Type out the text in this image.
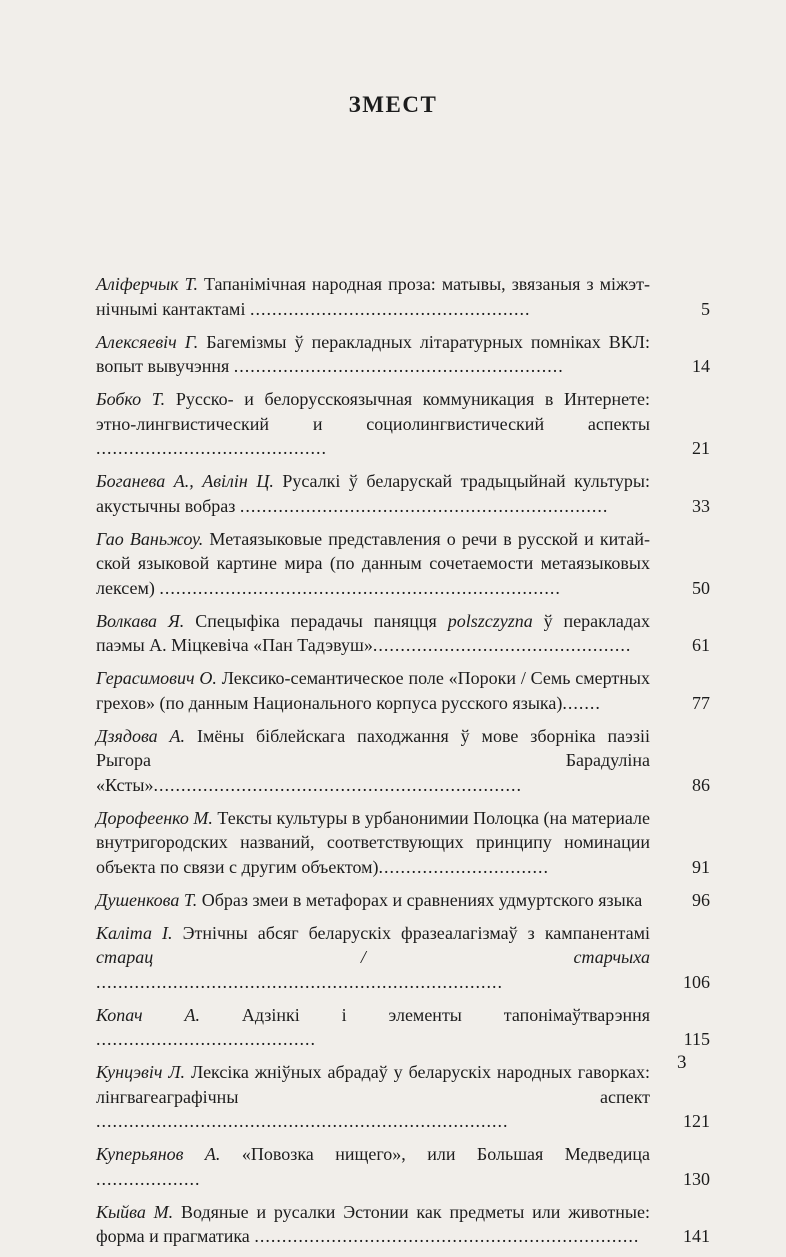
ЗМЕСТ
Аліферчык Т. Тапанімічная народная проза: матывы, звязаныя з міжэт-нічнымі кантактамі ...................................................	5
Алексяевіч Г. Багемізмы ў перакладных літаратурных помніках ВКЛ: вопыт вывучэння ............................................................	14
Бобко Т. Русско- и белорусскоязычная коммуникация в Интернете: этно-лингвистический и социолингвистический аспекты ..........................................	21
Боганева А., Авілін Ц. Русалкі ў беларускай традыцыйнай культуры: акустычны вобраз ...................................................................	33
Гао Ваньжоу. Метаязыковые представления о речи в русской и китай-ской языковой картине мира (по данным сочетаемости метаязыковых лексем) .........................................................................	50
Волкава Я. Спецыфіка перадачы паняцця polszczyzna ў перакладах паэмы А. Міцкевіча «Пан Тадэвуш»...............................................	61
Герасимович О. Лексико-семантическое поле «Пороки / Семь смертных грехов» (по данным Национального корпуса русского языка).......	77
Дзядова А. Імёны біблейскага паходжання ў мове зборніка паэзіі Рыгора Барадуліна «Ксты»...................................................................	86
Дорофеенко М. Тексты культуры в урбанонимии Полоцка (на материале внутригородских названий, соответствующих принципу номинации объекта по связи с другим объектом)...............................	91
Душенкова Т. Образ змеи в метафорах и сравнениях удмуртского языка	96
Каліта І. Этнічны абсяг беларускіх фразеалагізмаў з кампанентамі старац / старчыха ..........................................................................	106
Копач А. Адзінкі і элементы тапонімаўтварэння ........................................	115
Кунцэвіч Л. Лексіка жніўных абрадаў у беларускіх народных гаворках: лінгвагеаграфічны аспект ...........................................................................	121
Куперьянов А. «Повозка нищего», или Большая Медведица ...................	130
Кыйва М. Водяные и русалки Эстонии как предметы или животные: форма и прагматика ...................................................................... 141
3
